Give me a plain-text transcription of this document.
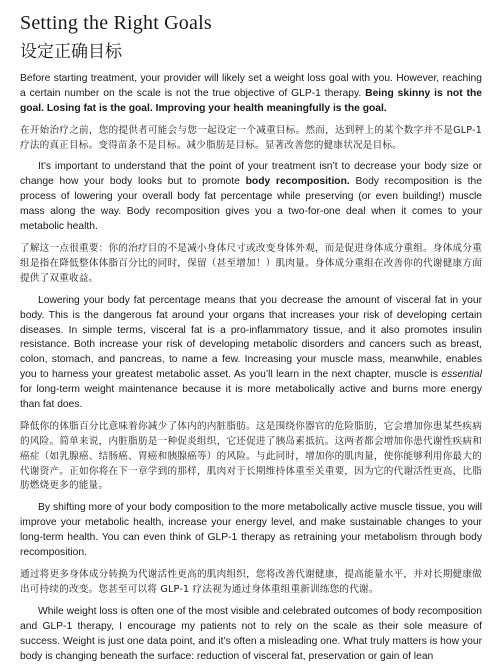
Setting the Right Goals
设定正确目标

Before starting treatment, your provider will likely set a weight loss goal with you. However, reaching a certain number on the scale is not the true objective of GLP-1 therapy. Being skinny is not the goal. Losing fat is the goal. Improving your health meaningfully is the goal.

在开始治疗之前，您的提供者可能会与您一起设定一个减重目标。然而，达到秤上的某个数字并不是GLP-1 疗法的真正目标。变得苗条不是目标。减少脂肪是目标。显著改善您的健康状况是目标。

It’s important to understand that the point of your treatment isn’t to decrease your body size or change how your body looks but to promote body recomposition. Body recomposition is the process of lowering your overall body fat percentage while preserving (or even building!) muscle mass along the way. Body recomposition gives you a two-for-one deal when it comes to your metabolic health.

了解这一点很重要：你的治疗目的不是减小身体尺寸或改变身体外观，而是促进身体成分重组。身体成分重组是指在降低整体体脂百分比的同时，保留（甚至增加！）肌肉量。身体成分重组在改善你的代谢健康方面提供了双重收益。

Lowering your body fat percentage means that you decrease the amount of visceral fat in your body. This is the dangerous fat around your organs that increases your risk of developing certain diseases. In simple terms, visceral fat is a pro-inflammatory tissue, and it also promotes insulin resistance. Both increase your risk of developing metabolic disorders and cancers such as breast, colon, stomach, and pancreas, to name a few. Increasing your muscle mass, meanwhile, enables you to harness your greatest metabolic asset. As you’ll learn in the next chapter, muscle is essential for long-term weight maintenance because it is more metabolically active and burns more energy than fat does.

降低你的体脂百分比意味着你减少了体内的内脏脂肪。这是围绕你器官的危险脂肪，它会增加你患某些疾病的风险。简单来说，内脏脂肪是一种促炎组织，它还促进了胰岛素抵抗。这两者都会增加你患代谢性疾病和癌症（如乳腺癌、结肠癌、胃癌和胰腺癌等）的风险。与此同时，增加你的肌肉量，使你能够利用你最大的代谢资产。正如你将在下一章学到的那样，肌肉对于长期维持体重至关重要，因为它的代谢活性更高，比脂肪燃烧更多的能量。

By shifting more of your body composition to the more metabolically active muscle tissue, you will improve your metabolic health, increase your energy level, and make sustainable changes to your long-term health. You can even think of GLP-1 therapy as retraining your metabolism through body recomposition.

通过将更多身体成分转换为代谢活性更高的肌肉组织，您将改善代谢健康，提高能量水平，并对长期健康做出可持续的改变。您甚至可以将 GLP-1 疗法视为通过身体重组重新训练您的代谢。

While weight loss is often one of the most visible and celebrated outcomes of body recomposition and GLP-1 therapy, I encourage my patients not to rely on the scale as their sole measure of success. Weight is just one data point, and it’s often a misleading one. What truly matters is how your body is changing beneath the surface: reduction of visceral fat, preservation or gain of lean
